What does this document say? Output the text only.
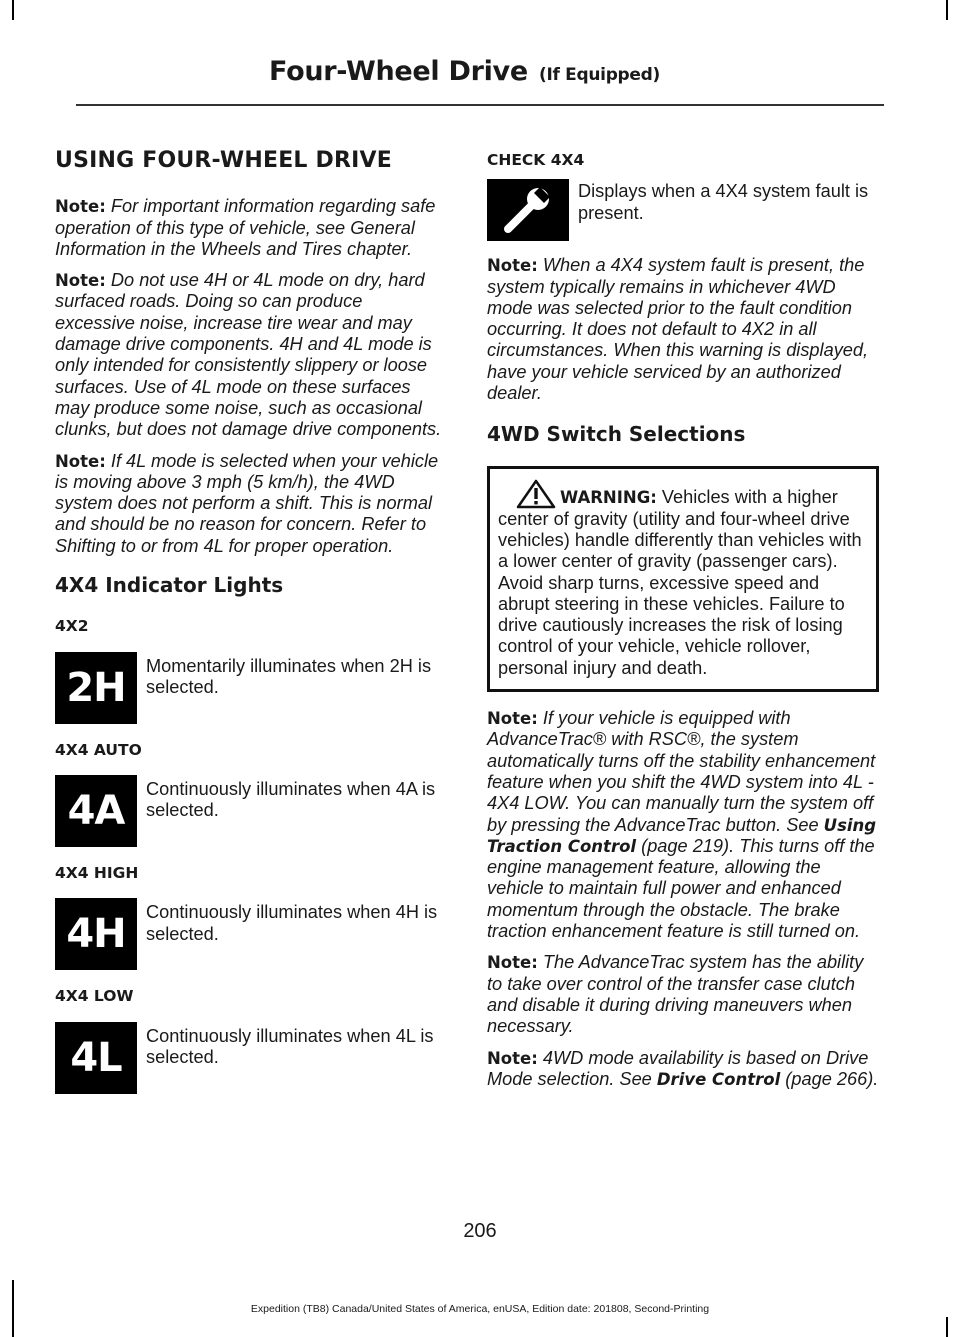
Four-Wheel Drive (If Equipped)
USING FOUR-WHEEL DRIVE

Note: For important information regarding safe operation of this type of vehicle, see General Information in the Wheels and Tires chapter.

Note: Do not use 4H or 4L mode on dry, hard surfaced roads. Doing so can produce excessive noise, increase tire wear and may damage drive components. 4H and 4L mode is only intended for consistently slippery or loose surfaces. Use of 4L mode on these surfaces may produce some noise, such as occasional clunks, but does not damage drive components.

Note: If 4L mode is selected when your vehicle is moving above 3 mph (5 km/h), the 4WD system does not perform a shift. This is normal and should be no reason for concern. Refer to Shifting to or from 4L for proper operation.

4X4 Indicator Lights
4X2
2H	Momentarily illuminates when 2H is selected.
4X4 AUTO
4A	Continuously illuminates when 4A is selected.
4X4 HIGH
4H	Continuously illuminates when 4H is selected.
4X4 LOW
4L	Continuously illuminates when 4L is selected.
CHECK 4X4
Displays when a 4X4 system fault is present.

Note: When a 4X4 system fault is present, the system typically remains in whichever 4WD mode was selected prior to the fault condition occurring. It does not default to 4X2 in all circumstances. When this warning is displayed, have your vehicle serviced by an authorized dealer.

4WD Switch Selections
WARNING: Vehicles with a higher center of gravity (utility and four-wheel drive vehicles) handle differently than vehicles with a lower center of gravity (passenger cars). Avoid sharp turns, excessive speed and abrupt steering in these vehicles. Failure to drive cautiously increases the risk of losing control of your vehicle, vehicle rollover, personal injury and death.

Note: If your vehicle is equipped with AdvanceTrac® with RSC®, the system automatically turns off the stability enhancement feature when you shift the 4WD system into 4L - 4X4 LOW. You can manually turn the system off by pressing the AdvanceTrac button. See Using Traction Control (page 219). This turns off the engine management feature, allowing the vehicle to maintain full power and enhanced momentum through the obstacle. The brake traction enhancement feature is still turned on.

Note: The AdvanceTrac system has the ability to take over control of the transfer case clutch and disable it during driving maneuvers when necessary.

Note: 4WD mode availability is based on Drive Mode selection. See Drive Control (page 266).

206
Expedition (TB8) Canada/United States of America, enUSA, Edition date: 201808, Second-Printing
